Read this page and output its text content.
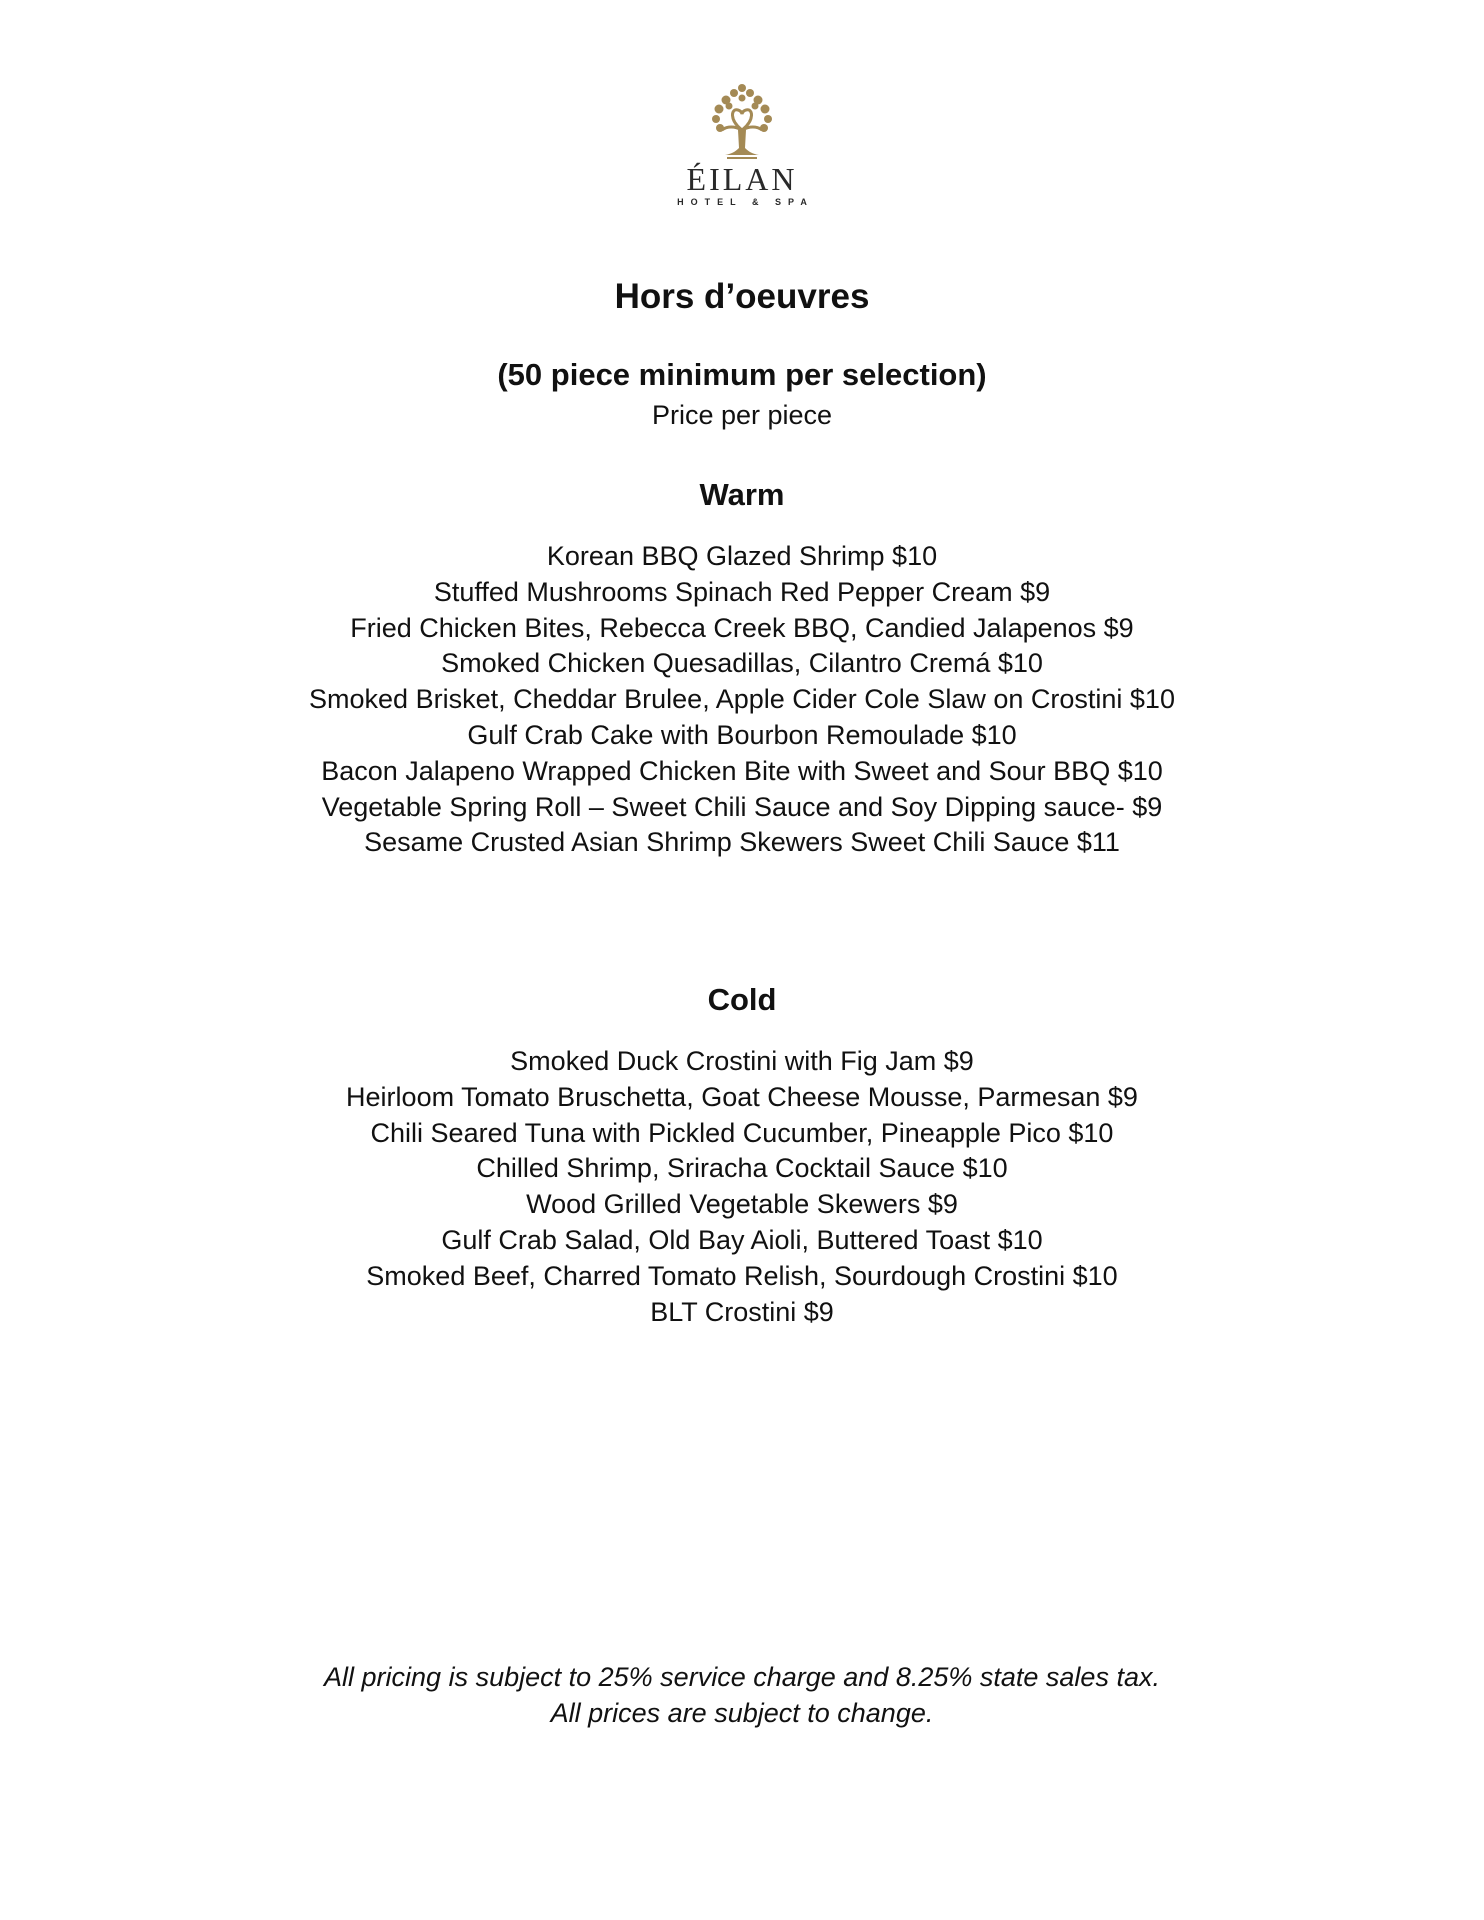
ÉILAN
HOTEL & SPA
Hors d’oeuvres
(50 piece minimum per selection)
Price per piece
Warm
Korean BBQ Glazed Shrimp $10
Stuffed Mushrooms Spinach Red Pepper Cream $9
Fried Chicken Bites, Rebecca Creek BBQ, Candied Jalapenos $9
Smoked Chicken Quesadillas, Cilantro Cremá $10
Smoked Brisket, Cheddar Brulee, Apple Cider Cole Slaw on Crostini $10
Gulf Crab Cake with Bourbon Remoulade $10
Bacon Jalapeno Wrapped Chicken Bite with Sweet and Sour BBQ $10
Vegetable Spring Roll – Sweet Chili Sauce and Soy Dipping sauce- $9
Sesame Crusted Asian Shrimp Skewers Sweet Chili Sauce $11
Cold
Smoked Duck Crostini with Fig Jam $9
Heirloom Tomato Bruschetta, Goat Cheese Mousse, Parmesan $9
Chili Seared Tuna with Pickled Cucumber, Pineapple Pico $10
Chilled Shrimp, Sriracha Cocktail Sauce $10
Wood Grilled Vegetable Skewers $9
Gulf Crab Salad, Old Bay Aioli, Buttered Toast $10
Smoked Beef, Charred Tomato Relish, Sourdough Crostini $10
BLT Crostini $9
All pricing is subject to 25% service charge and 8.25% state sales tax.
All prices are subject to change.
